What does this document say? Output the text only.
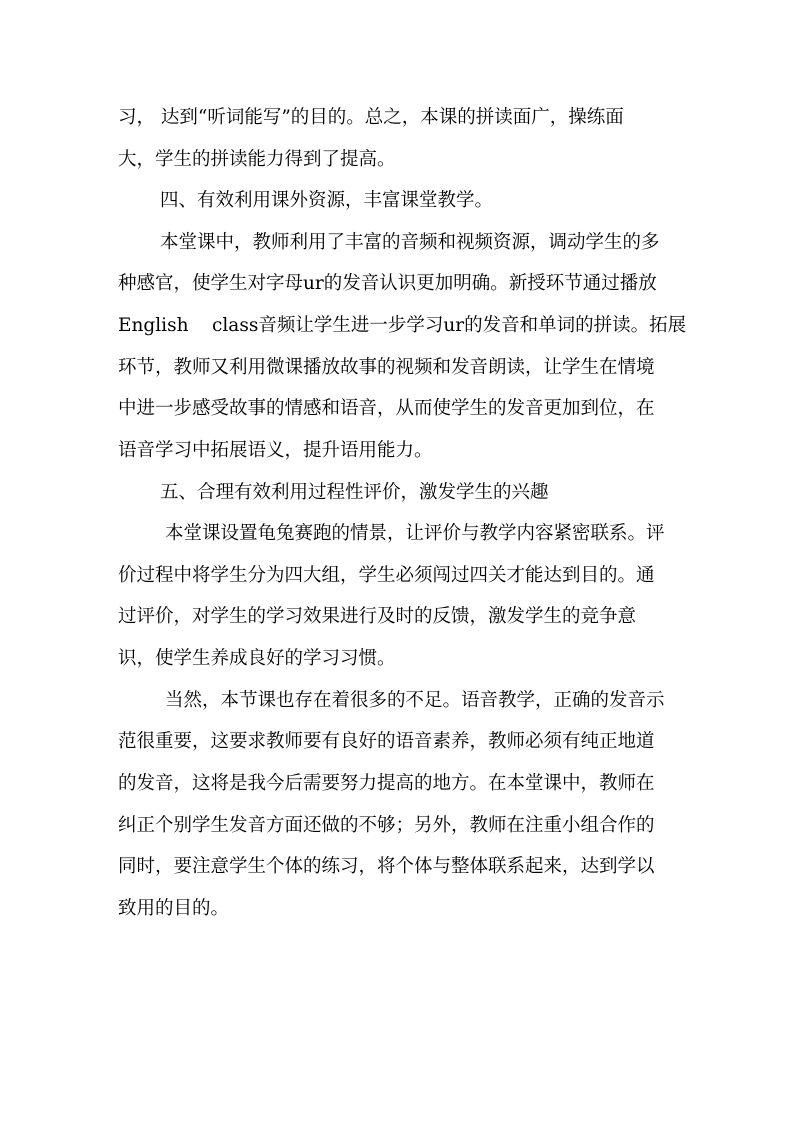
习， 达到“听词能写”的目的。总之，本课的拼读面广，操练面
大，学生的拼读能力得到了提高。
四、有效利用课外资源，丰富课堂教学。
本堂课中，教师利用了丰富的音频和视频资源，调动学生的多
种感官，使学生对字母ur的发音认识更加明确。新授环节通过播放
English    class音频让学生进一步学习ur的发音和单词的拼读。拓展
环节，教师又利用微课播放故事的视频和发音朗读，让学生在情境
中进一步感受故事的情感和语音，从而使学生的发音更加到位，在
语音学习中拓展语义，提升语用能力。
五、合理有效利用过程性评价，激发学生的兴趣
本堂课设置龟兔赛跑的情景，让评价与教学内容紧密联系。评
价过程中将学生分为四大组，学生必须闯过四关才能达到目的。通
过评价，对学生的学习效果进行及时的反馈，激发学生的竞争意
识，使学生养成良好的学习习惯。
当然，本节课也存在着很多的不足。语音教学，正确的发音示
范很重要，这要求教师要有良好的语音素养，教师必须有纯正地道
的发音，这将是我今后需要努力提高的地方。在本堂课中，教师在
纠正个别学生发音方面还做的不够；另外，教师在注重小组合作的
同时，要注意学生个体的练习，将个体与整体联系起来，达到学以
致用的目的。
